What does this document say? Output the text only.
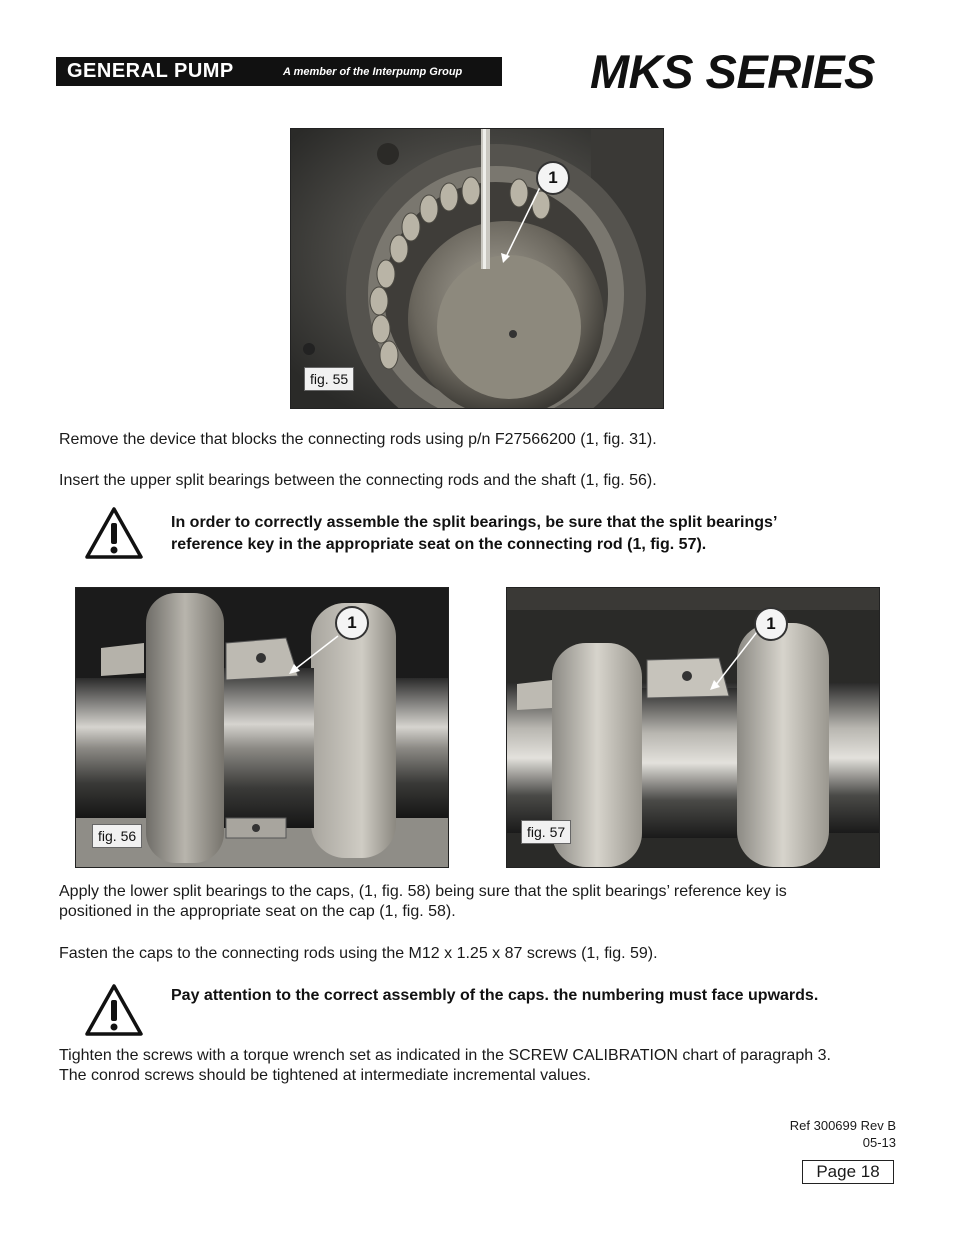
GENERAL PUMP	A member of the Interpump Group	MKS SERIES
1
fig. 55
Remove the device that blocks the connecting rods using p/n F27566200 (1, fig. 31).
Insert the upper split bearings between the connecting rods and the shaft (1, fig. 56).
In order to correctly assemble the split bearings, be sure that the split bearings’
reference key in the appropriate seat on the connecting rod (1, fig. 57).
1
fig. 56
1
fig. 57
Apply the lower split bearings to the caps, (1, fig. 58) being sure that the split bearings’ reference key is
positioned in the appropriate seat on the cap (1, fig. 58).
Fasten the caps to the connecting rods using the M12 x 1.25 x 87 screws (1, fig. 59).
Pay attention to the correct assembly of the caps. the numbering must face upwards.
Tighten the screws with a torque wrench set as indicated in the SCREW CALIBRATION chart of paragraph 3.
The conrod screws should be tightened at intermediate incremental values.
Ref 300699 Rev B
05-13
Page 18
